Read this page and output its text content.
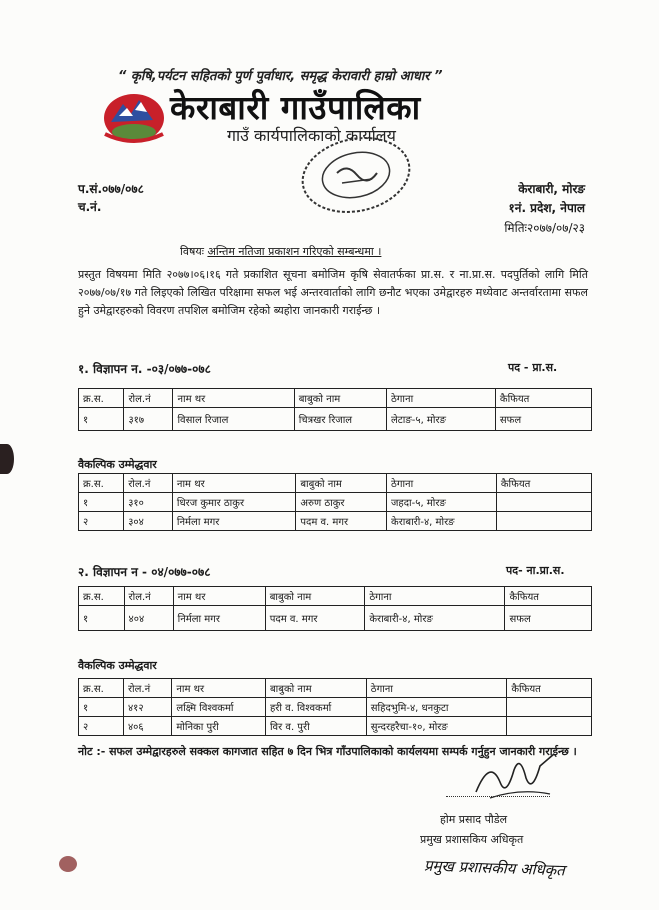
“ कृषि,पर्यटन सहितको पुर्ण पुर्वाधार, समृद्ध केरावारी हाम्रो आधार ”
केराबारी गाउँपालिका
गाउँ कार्यपालिकाको कार्यालय
प.सं.०७७/०७८
च.नं.
केराबारी, मोरङ
१नं. प्रदेश, नेपाल
मितिः२०७७/०७/२३
विषयः अन्तिम नतिजा प्रकाशन गरिएको सम्बन्धमा ।
प्रस्तुत विषयमा मिति २०७७।०६।१६ गते प्रकाशित सूचना बमोजिम कृषि सेवातर्फका प्रा.स. र ना.प्रा.स. पदपुर्तिको लागि मिति २०७७/०७/१७ गते लिइएको लिखित परिक्षामा सफल भई अन्तरवार्ताको लागि छनौट भएका उमेद्वारहरु मध्येवाट अन्तर्वारतामा सफल हुने उमेद्वारहरुको विवरण तपशिल बमोजिम रहेको ब्यहोरा जानकारी गराईन्छ ।
१. विज्ञापन न. -०३/०७७-०७८	पद - प्रा.स.
क्र.स.	रोल.नं	नाम थर	बाबुको नाम	ठेगाना	कैफियत
१	३१७	विसाल रिजाल	चित्रखर रिजाल	लेटाङ-५, मोरङ	सफल
वैकल्पिक उम्मेद्धवार
क्र.स.	रोल.नं	नाम थर	बाबुको नाम	ठेगाना	कैफियत
१	३१०	धिरज कुमार ठाकुर	अरुण ठाकुर	जहदा-५, मोरङ	
२	३०४	निर्मला मगर	पदम व. मगर	केराबारी-४, मोरङ	
२. विज्ञापन न - ०४/०७७-०७८	पद- ना.प्रा.स.
क्र.स.	रोल.नं	नाम थर	बाबुको नाम	ठेगाना	कैफियत
१	४०४	निर्मला मगर	पदम व. मगर	केराबारी-४, मोरङ	सफल
वैकल्पिक उम्मेद्धवार
क्र.स.	रोल.नं	नाम थर	बाबुको नाम	ठेगाना	कैफियत
१	४१२	लक्ष्मि विश्वकर्मा	हरी व. विश्वकर्मा	सहिदभुमि-४, धनकुटा	
२	४०६	मोनिका पुरी	विर व. पुरी	सुन्दरहरैचा-१०, मोरङ	
नोट :- सफल उम्मेद्वारहरुले सक्कल कागजात सहित ७ दिन भित्र गाँउपालिकाको कार्यलयमा सम्पर्क गर्नुहुन जानकारी गराईन्छ ।
होम प्रसाद पौडेल
प्रमुख प्रशासकिय अधिकृत
प्रमुख प्रशासकीय अधिकृत
